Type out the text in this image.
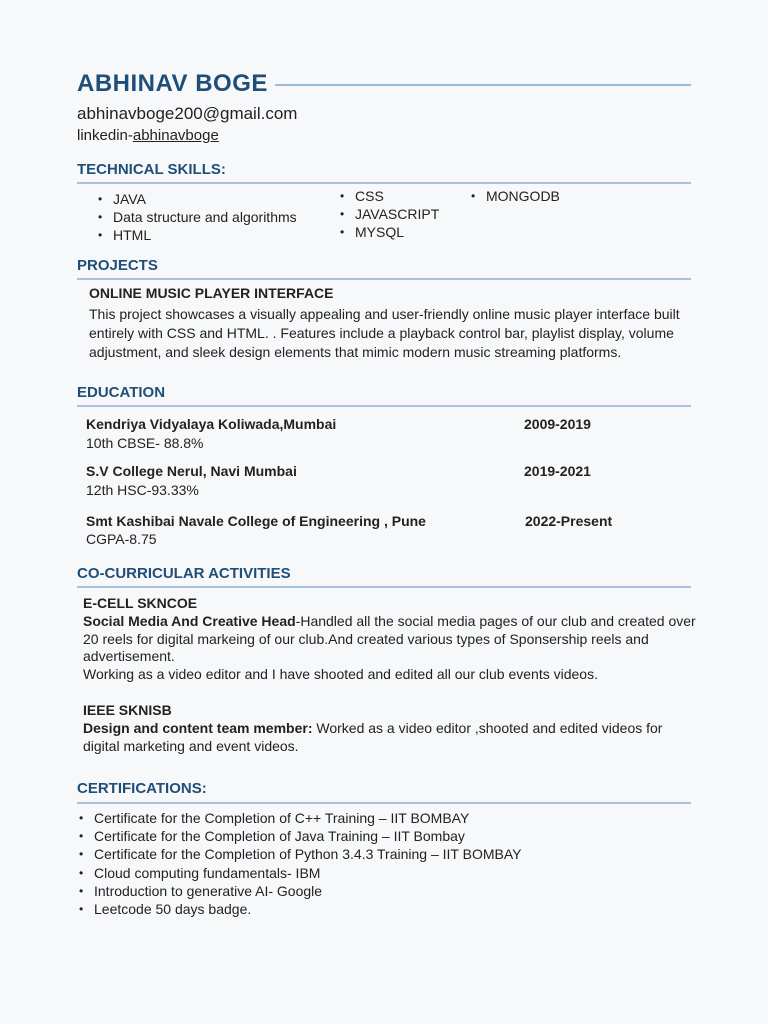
ABHINAV BOGE
abhinavboge200@gmail.com
linkedin-abhinavboge
TECHNICAL SKILLS:
• JAVA
• Data structure and algorithms
• HTML
• CSS
• JAVASCRIPT
• MYSQL
• MONGODB
PROJECTS
ONLINE MUSIC PLAYER INTERFACE
This project showcases a visually appealing and user-friendly online music player interface built
entirely with CSS and HTML. . Features include a playback control bar, playlist display, volume
adjustment, and sleek design elements that mimic modern music streaming platforms.
EDUCATION
Kendriya Vidyalaya Koliwada,Mumbai	2009-2019
10th CBSE- 88.8%
S.V College Nerul, Navi Mumbai	2019-2021
12th HSC-93.33%
Smt Kashibai Navale College of Engineering , Pune	2022-Present
CGPA-8.75
CO-CURRICULAR ACTIVITIES
E-CELL SKNCOE
Social Media And Creative Head-Handled all the social media pages of our club and created over
20 reels for digital markeing of our club.And created various types of Sponsership reels and
advertisement.
Working as a video editor and I have shooted and edited all our club events videos.
IEEE SKNISB
Design and content team member: Worked as a video editor ,shooted and edited videos for
digital marketing and event videos.
CERTIFICATIONS:
• Certificate for the Completion of C++ Training – IIT BOMBAY
• Certificate for the Completion of Java Training – IIT Bombay
• Certificate for the Completion of Python 3.4.3 Training – IIT BOMBAY
• Cloud computing fundamentals- IBM
• Introduction to generative AI- Google
• Leetcode 50 days badge.
